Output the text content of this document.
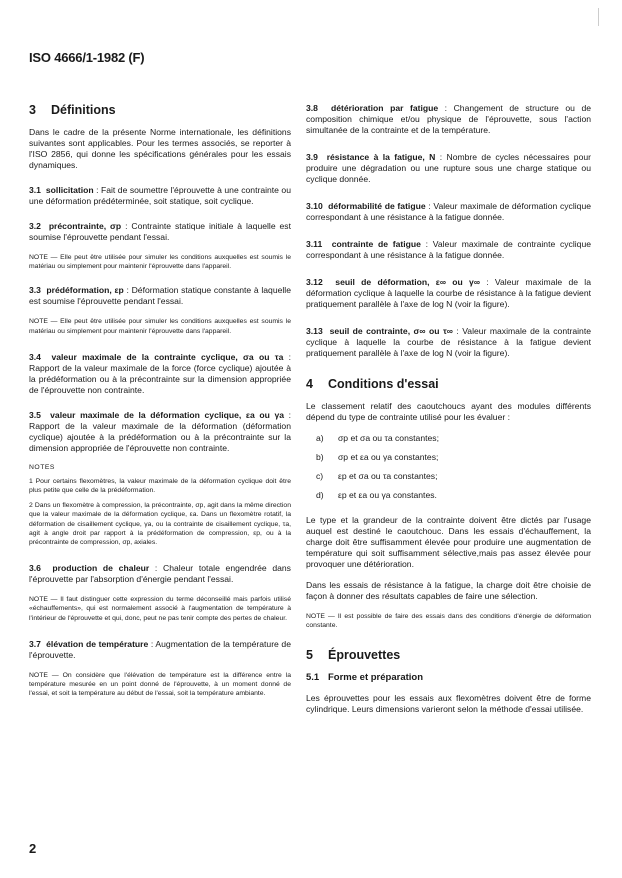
ISO 4666/1-1982 (F)
3 Définitions

Dans le cadre de la présente Norme internationale, les définitions suivantes sont applicables. Pour les termes associés, se reporter à l'ISO 2856, qui donne les spécifications générales pour les essais dynamiques.

3.1 sollicitation : Fait de soumettre l'éprouvette à une contrainte ou une déformation prédéterminée, soit statique, soit cyclique.

3.2 précontrainte, σp : Contrainte statique initiale à laquelle est soumise l'éprouvette pendant l'essai.

NOTE — Elle peut être utilisée pour simuler les conditions auxquelles est soumis le matériau ou simplement pour maintenir l'éprouvette dans l'appareil.

3.3 prédéformation, εp : Déformation statique constante à laquelle est soumise l'éprouvette pendant l'essai.

NOTE — Elle peut être utilisée pour simuler les conditions auxquelles est soumis le matériau ou simplement pour maintenir l'éprouvette dans l'appareil.

3.4 valeur maximale de la contrainte cyclique, σa ou τa : Rapport de la valeur maximale de la force (force cyclique) ajoutée à la prédéformation ou à la précontrainte sur la dimension appropriée de l'éprouvette non contrainte.

3.5 valeur maximale de la déformation cyclique, εa ou γa : Rapport de la valeur maximale de la déformation (déformation cyclique) ajoutée à la prédéformation ou à la précontrainte sur la dimension appropriée de l'éprouvette non contrainte.

NOTES

1 Pour certains flexomètres, la valeur maximale de la déformation cyclique doit être plus petite que celle de la prédéformation.

2 Dans un flexomètre à compression, la précontrainte, σp, agit dans la même direction que la valeur maximale de la déformation cyclique, εa. Dans un flexomètre rotatif, la déformation de cisaillement cyclique, γa, ou la contrainte de cisaillement cyclique, τa, agit à angle droit par rapport à la prédéformation de compression, εp, ou à la précontrainte de compression, σp, axiales.

3.6 production de chaleur : Chaleur totale engendrée dans l'éprouvette par l'absorption d'énergie pendant l'essai.

NOTE — Il faut distinguer cette expression du terme déconseillé mais parfois utilisé «échauffements», qui est normalement associé à l'augmentation de température à l'intérieur de l'éprouvette et qui, donc, peut ne pas tenir compte des pertes de chaleur.

3.7 élévation de température : Augmentation de la température de l'éprouvette.

NOTE — On considère que l'élévation de température est la différence entre la température mesurée en un point donné de l'éprouvette, à un moment donné de l'essai, et soit la température au début de l'essai, soit la température ambiante.

3.8 détérioration par fatigue : Changement de structure ou de composition chimique et/ou physique de l'éprouvette, sous l'action simultanée de la contrainte et de la température.

3.9 résistance à la fatigue, N : Nombre de cycles nécessaires pour produire une dégradation ou une rupture sous une charge statique ou cyclique donnée.

3.10 déformabilité de fatigue : Valeur maximale de déformation cyclique correspondant à une résistance à la fatigue donnée.

3.11 contrainte de fatigue : Valeur maximale de contrainte cyclique correspondant à une résistance à la fatigue donnée.

3.12 seuil de déformation, ε∞ ou γ∞ : Valeur maximale de la déformation cyclique à laquelle la courbe de résistance à la fatigue devient pratiquement parallèle à l'axe de log N (voir la figure).

3.13 seuil de contrainte, σ∞ ou τ∞ : Valeur maximale de la contrainte cyclique à laquelle la courbe de résistance à la fatigue devient pratiquement parallèle à l'axe de log N (voir la figure).

4 Conditions d'essai

Le classement relatif des caoutchoucs ayant des modules différents dépend du type de contrainte utilisé pour les évaluer :

a) σp et σa ou τa constantes;
b) σp et εa ou γa constantes;
c) εp et σa ou τa constantes;
d) εp et εa ou γa constantes.

Le type et la grandeur de la contrainte doivent être dictés par l'usage auquel est destiné le caoutchouc. Dans les essais d'échauffement, la charge doit être suffisamment élevée pour produire une augmentation de température qui soit suffisamment sélective,mais pas assez élevée pour provoquer une détérioration.

Dans les essais de résistance à la fatigue, la charge doit être choisie de façon à donner des résultats capables de faire une sélection.

NOTE — Il est possible de faire des essais dans des conditions d'énergie de déformation constante.

5 Éprouvettes
5.1 Forme et préparation

Les éprouvettes pour les essais aux flexomètres doivent être de forme cylindrique. Leurs dimensions varieront selon la méthode d'essai utilisée.

2
